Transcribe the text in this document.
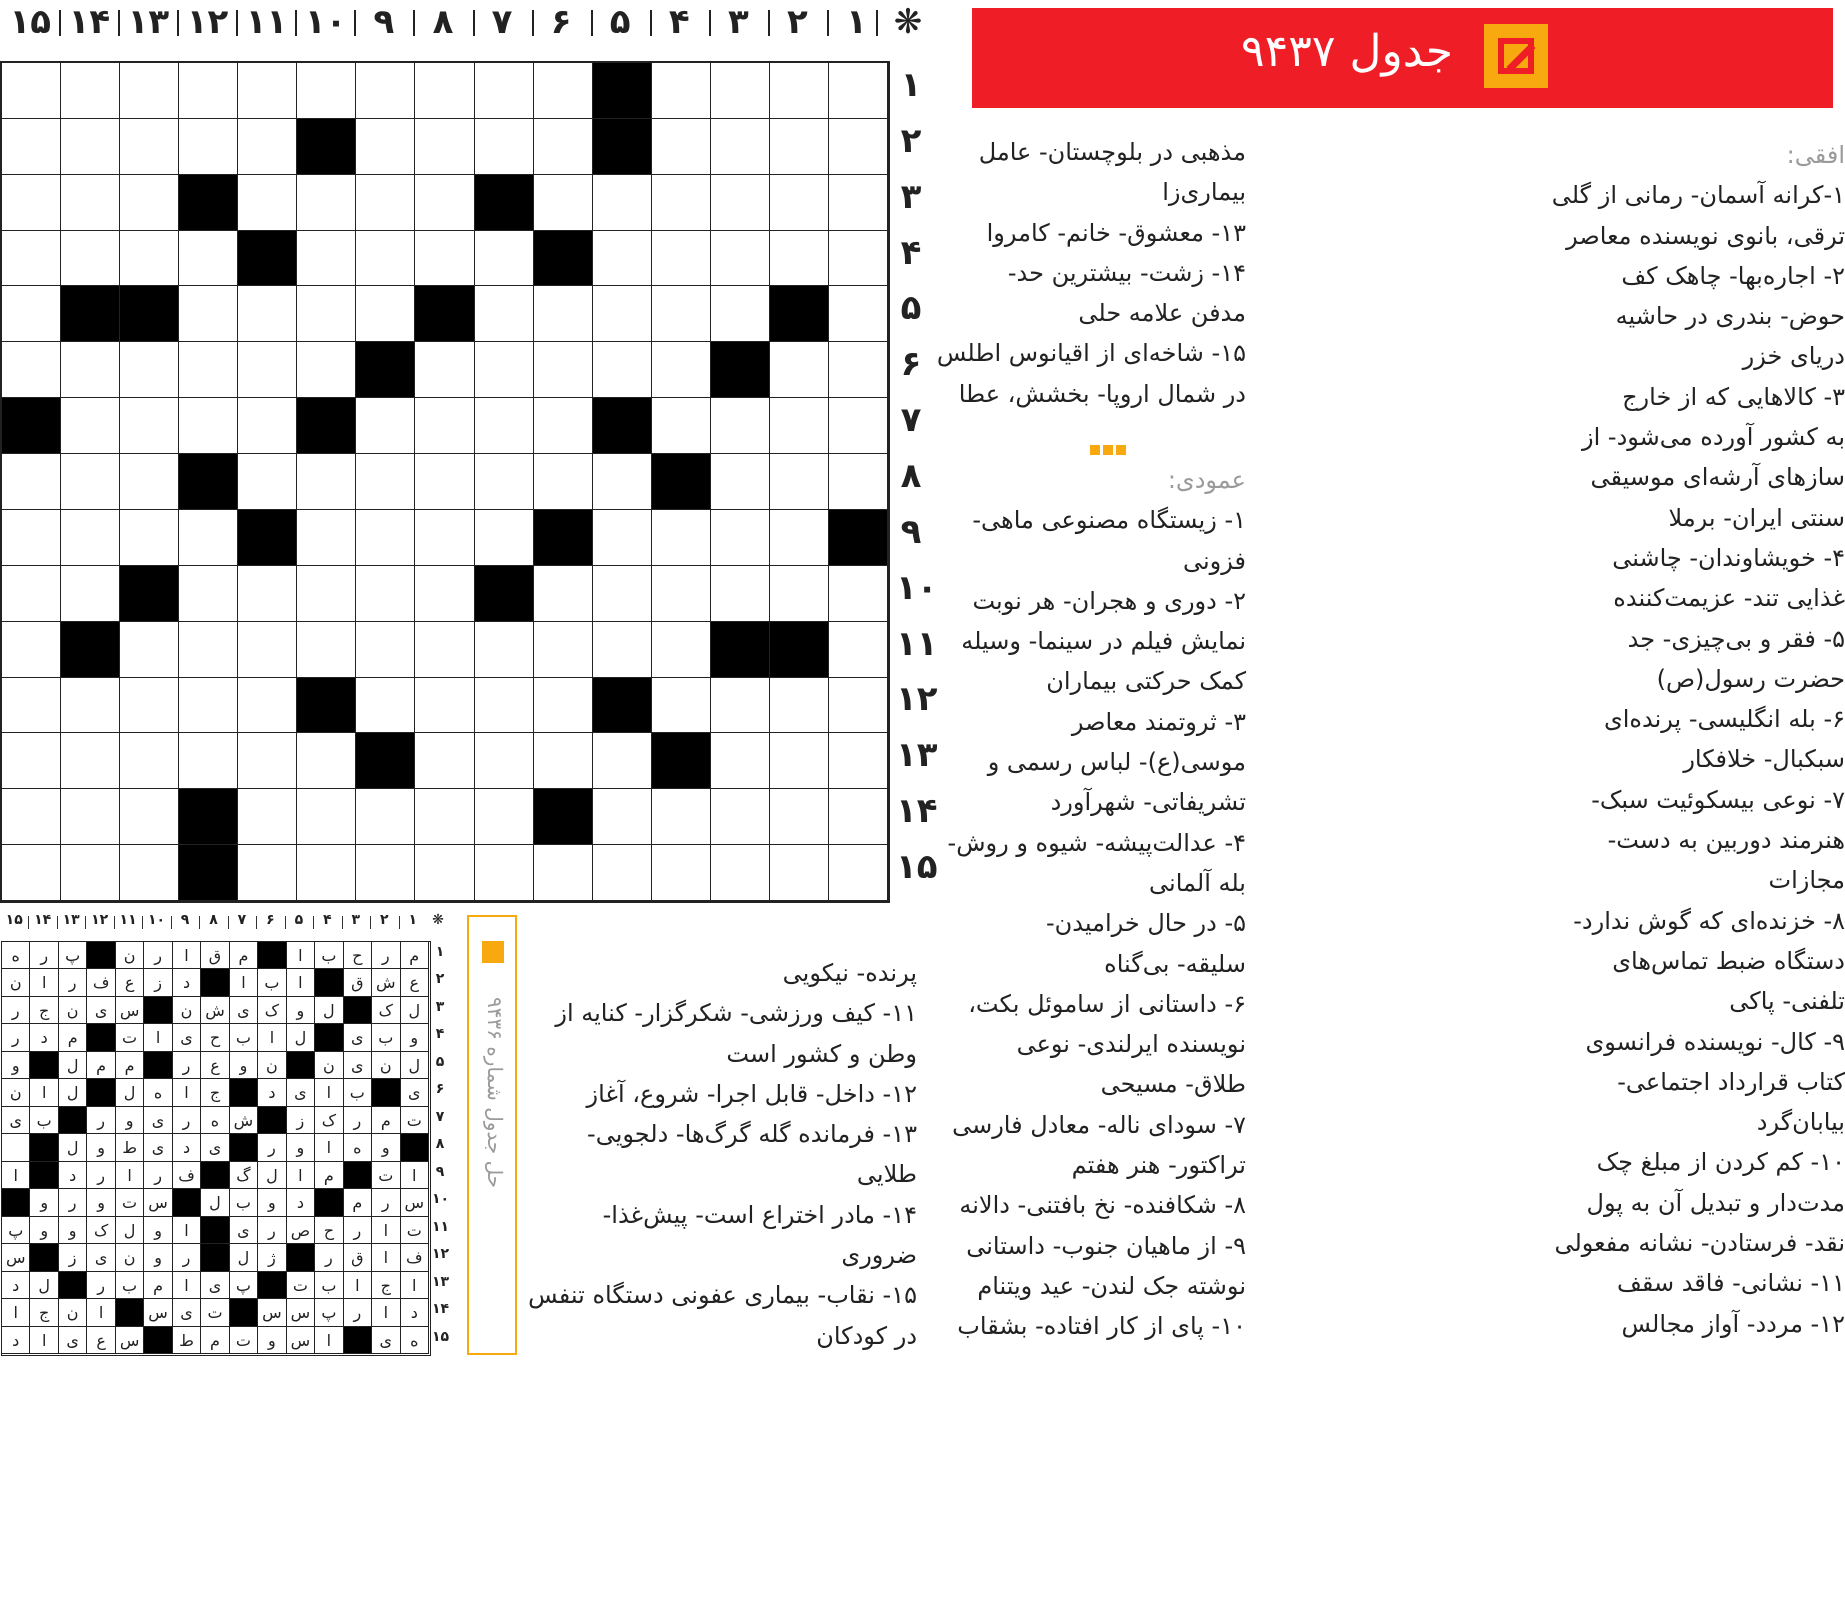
❋
۱
۲
۳
۴
۵
۶
۷
۸
۹
۱۰
۱۱
۱۲
۱۳
۱۴
۱۵
۱
۲
۳
۴
۵
۶
۷
۸
۹
۱۰
۱۱
۱۲
۱۳
۱۴
۱۵
جدول ۹۴۳۷
افقی:
۱-کرانه آسمان- رمانی از گلی
ترقی، بانوی نویسنده معاصر
۲- اجاره‌بها- چاهک کف
حوض- بندری در حاشیه
دریای خزر
۳- کالاهایی که از خارج
به کشور آورده می‌شود- از
سازهای آرشه‌ای موسیقی
سنتی ایران- برملا
۴- خویشاوندان- چاشنی
غذایی تند- عزیمت‌کننده
۵- فقر و بی‌چیزی- جد
حضرت رسول(ص)
۶- بله انگلیسی- پرنده‌ای
سبکبال- خلافکار
۷- نوعی بیسکوئیت سبک-
هنرمند دوربین به دست-
مجازات
۸- خزنده‌ای که گوش ندارد-
دستگاه ضبط تماس‌های
تلفنی- پاکی
۹- کال- نویسنده فرانسوی
کتاب قرارداد اجتماعی-
بیابان‌گرد
۱۰- کم کردن از مبلغ چک
مدت‌دار و تبدیل آن به پول
نقد- فرستادن- نشانه مفعولی
۱۱- نشانی- فاقد سقف
۱۲- مردد- آواز مجالس
مذهبی در بلوچستان- عامل
بیماری‌زا
۱۳- معشوق- خانم- کامروا
۱۴- زشت- بیشترین حد-
مدفن علامه حلی
۱۵- شاخه‌ای از اقیانوس اطلس
در شمال اروپا- بخشش، عطا
عمودی:
۱- زیستگاه مصنوعی ماهی-
فزونی
۲- دوری و هجران- هر نوبت
نمایش فیلم در سینما- وسیله
کمک حرکتی بیماران
۳- ثروتمند معاصر
موسی(ع)- لباس رسمی و
تشریفاتی- شهرآورد
۴- عدالت‌پیشه- شیوه و روش-
بله آلمانی
۵- در حال خرامیدن-
سلیقه- بی‌گناه
۶- داستانی از ساموئل بکت،
نویسنده ایرلندی- نوعی
طلاق- مسیحی
۷- سودای ناله- معادل فارسی
تراکتور- هنر هفتم
۸- شکافنده- نخ بافتنی- دالانه
۹- از ماهیان جنوب- داستانی
نوشته جک لندن- عید ویتنام
۱۰- پای از کار افتاده- بشقاب
پرنده- نیکویی
۱۱- کیف ورزشی- شکرگزار- کنایه از
وطن و کشور است
۱۲- داخل- قابل اجرا- شروع، آغاز
۱۳- فرمانده گله گرگ‌ها- دلجویی-
طلایی
۱۴- مادر اختراع است- پیش‌غذا-
ضروری
۱۵- نقاب- بیماری عفونی دستگاه تنفس
در کودکان
❋
۱
۲
۳
۴
۵
۶
۷
۸
۹
۱۰
۱۱
۱۲
۱۳
۱۴
۱۵
م
ر
ح
ب
ا
م
ق
ا
ر
ن
پ
ر
ه
ع
ش
ق
ا
ب
ا
د
ز
ع
ف
ر
ا
ن
ل
ک
ل
و
ک
ی
ش
ن
س
ی
ن
ج
ر
و
ب
ی
ل
ا
ب
ح
ی
ا
ت
م
د
ر
ل
ن
ی
ن
ن
و
ع
ر
م
م
ل
و
ی
ب
ا
ی
د
ج
ا
ه
ل
ل
ا
ن
ت
م
ر
ک
ز
ش
ه
ر
ی
و
ر
ب
ی
و
ه
ا
و
ر
ی
د
ی
ط
و
ل
ا
ت
م
ا
ل
گ
ف
ر
ا
ر
د
ا
س
ر
م
د
و
ب
ل
س
ت
و
ر
و
ت
ا
ر
ح
ص
ر
ی
ا
و
ل
ک
و
و
پ
ف
ا
ق
ر
ژ
ل
ر
و
ن
ی
ز
س
ا
ج
ا
ب
ت
پ
ی
ا
م
ب
ر
ل
د
د
ا
ر
پ
س
س
ت
ی
س
ا
ن
ج
ا
ه
ی
ا
س
و
ت
م
ط
س
ع
ی
ا
د
۱
۲
۳
۴
۵
۶
۷
۸
۹
۱۰
۱۱
۱۲
۱۳
۱۴
۱۵
حل جدول شماره ۹۴۳۶
